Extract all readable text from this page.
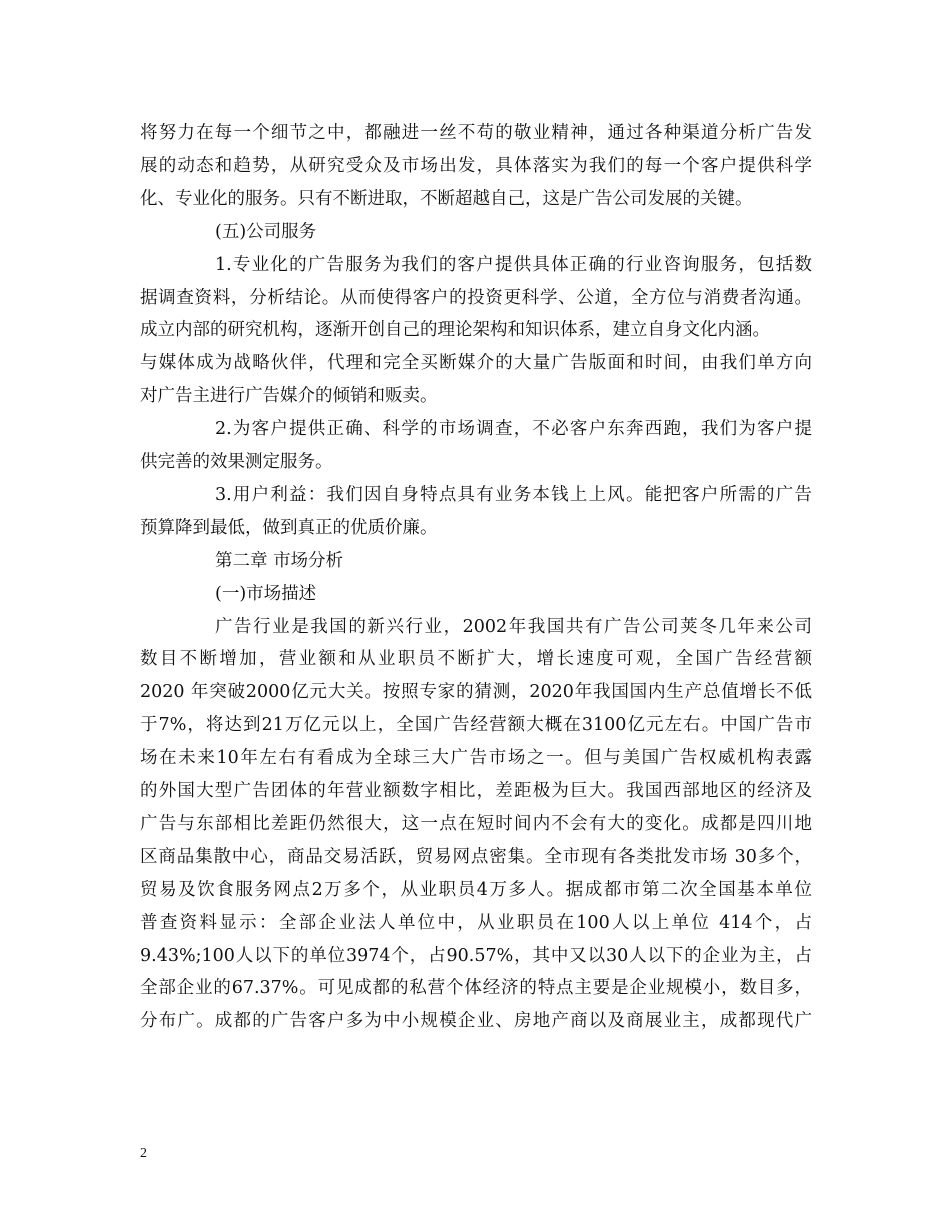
将努力在每一个细节之中，都融进一丝不苟的敬业精神，通过各种渠道分析广告发
展的动态和趋势，从研究受众及市场出发，具体落实为我们的每一个客户提供科学
化、专业化的服务。只有不断进取，不断超越自己，这是广告公司发展的关键。
(五)公司服务
1.专业化的广告服务为我们的客户提供具体正确的行业咨询服务，包括数
据调查资料，分析结论。从而使得客户的投资更科学、公道，全方位与消费者沟通。
成立内部的研究机构，逐渐开创自己的理论架构和知识体系，建立自身文化内涵。
与媒体成为战略伙伴，代理和完全买断媒介的大量广告版面和时间，由我们单方向
对广告主进行广告媒介的倾销和贩卖。
2.为客户提供正确、科学的市场调查，不必客户东奔西跑，我们为客户提
供完善的效果测定服务。
3.用户利益：我们因自身特点具有业务本钱上上风。能把客户所需的广告
预算降到最低，做到真正的优质价廉。
第二章 市场分析
(一)市场描述
广告行业是我国的新兴行业，2002年我国共有广告公司荚冬几年来公司
数目不断增加，营业额和从业职员不断扩大，增长速度可观，全国广告经营额
2020 年突破2000亿元大关。按照专家的猜测，2020年我国国内生产总值增长不低
于7%，将达到21万亿元以上，全国广告经营额大概在3100亿元左右。中国广告市
场在未来10年左右有看成为全球三大广告市场之一。但与美国广告权威机构表露
的外国大型广告团体的年营业额数字相比，差距极为巨大。我国西部地区的经济及
广告与东部相比差距仍然很大，这一点在短时间内不会有大的变化。成都是四川地
区商品集散中心，商品交易活跃，贸易网点密集。全市现有各类批发市场 30多个，
贸易及饮食服务网点2万多个，从业职员4万多人。据成都市第二次全国基本单位
普查资料显示：全部企业法人单位中，从业职员在100人以上单位 414个，占
9.43%;100人以下的单位3974个，占90.57%，其中又以30人以下的企业为主，占
全部企业的67.37%。可见成都的私营个体经济的特点主要是企业规模小，数目多，
分布广。成都的广告客户多为中小规模企业、房地产商以及商展业主，成都现代广
2
